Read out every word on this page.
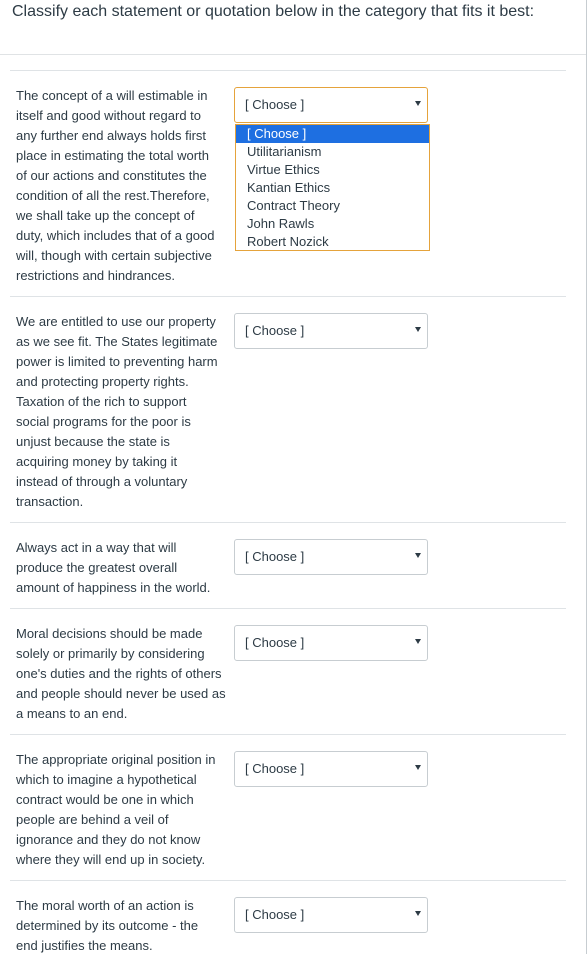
Classify each statement or quotation below in the category that fits it best:
The concept of a will estimable in
itself and good without regard to
any further end always holds first
place in estimating the total worth
of our actions and constitutes the
condition of all the rest.Therefore,
we shall take up the concept of
duty, which includes that of a good
will, though with certain subjective
restrictions and hindrances.
[ Choose ]
[ Choose ]
Utilitarianism
Virtue Ethics
Kantian Ethics
Contract Theory
John Rawls
Robert Nozick
We are entitled to use our property
as we see fit. The States legitimate
power is limited to preventing harm
and protecting property rights.
Taxation of the rich to support
social programs for the poor is
unjust because the state is
acquiring money by taking it
instead of through a voluntary
transaction.
[ Choose ]
Always act in a way that will
produce the greatest overall
amount of happiness in the world.
[ Choose ]
Moral decisions should be made
solely or primarily by considering
one's duties and the rights of others
and people should never be used as
a means to an end.
[ Choose ]
The appropriate original position in
which to imagine a hypothetical
contract would be one in which
people are behind a veil of
ignorance and they do not know
where they will end up in society.
[ Choose ]
The moral worth of an action is
determined by its outcome - the
end justifies the means.
[ Choose ]
